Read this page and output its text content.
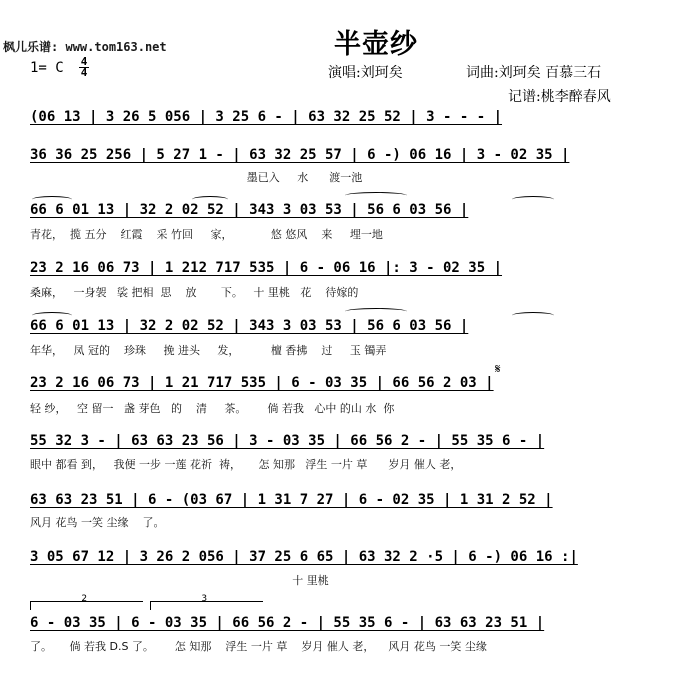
枫儿乐谱: www.tom163.net	半壶纱
1= C 4
4	演唱:刘珂矣	词曲:刘珂矣 百慕三石
记谱:桃李醉春风
(06 13 | 3 26 5 056 | 3 25 6 - | 63 32 25 52 | 3 - - - |
36 36 25 256 | 5 27 1 - | 63 32 25 57 | 6 -) 06 16 | 3 - 02 35 |
墨已入     水      渡一池
66 6 01 13 | 32 2 02 52 | 343 3 03 53 | 56 6 03 56 |
青花，  揽 五分    红霞    采 竹回     家，           悠 悠风    来     埋一地
23 2 16 06 73 | 1 212 717 535 | 6 - 06 16 |: 3 - 02 35 |
桑麻，   一身袈   裟 把相  思    放       下。   十 里桃   花    待嫁的
66 6 01 13 | 32 2 02 52 | 343 3 03 53 | 56 6 03 56 |
年华，   凤 冠的    珍珠     挽 进头     发，         檀 香拂    过     玉 镯弄
23 2 16 06 73 | 1 21 717 535 | 6 - 03 35 | 66 56 2 03 |
轻 纱，   空 留一   盏 芽色   的    清     茶。      倘 若我   心中 的山 水  你
55 32 3 - | 63 63 23 56 | 3 - 03 35 | 66 56 2 - | 55 35 6 - |
眼中 都看 到，   我便 一步 一莲 花祈  祷，     怎 知那   浮生 一片 草      岁月 催人 老，
63 63 23 51 | 6 - (03 67 | 1 31 7 27 | 6 - 02 35 | 1 31 2 52 |
风月 花鸟 一笑 尘缘    了。
3 05 67 12 | 3 26 2 056 | 37 25 6 65 | 63 32 2 ·5 | 6 -) 06 16 :|
十 里桃
6 - 03 35 | 6 - 03 35 | 66 56 2 - | 55 35 6 - | 63 63 23 51 |
了。     倘 若我 D.S 了。      怎 知那    浮生 一片 草    岁月 催人 老，    风月 花鸟 一笑 尘缘
2	3
𝄋
